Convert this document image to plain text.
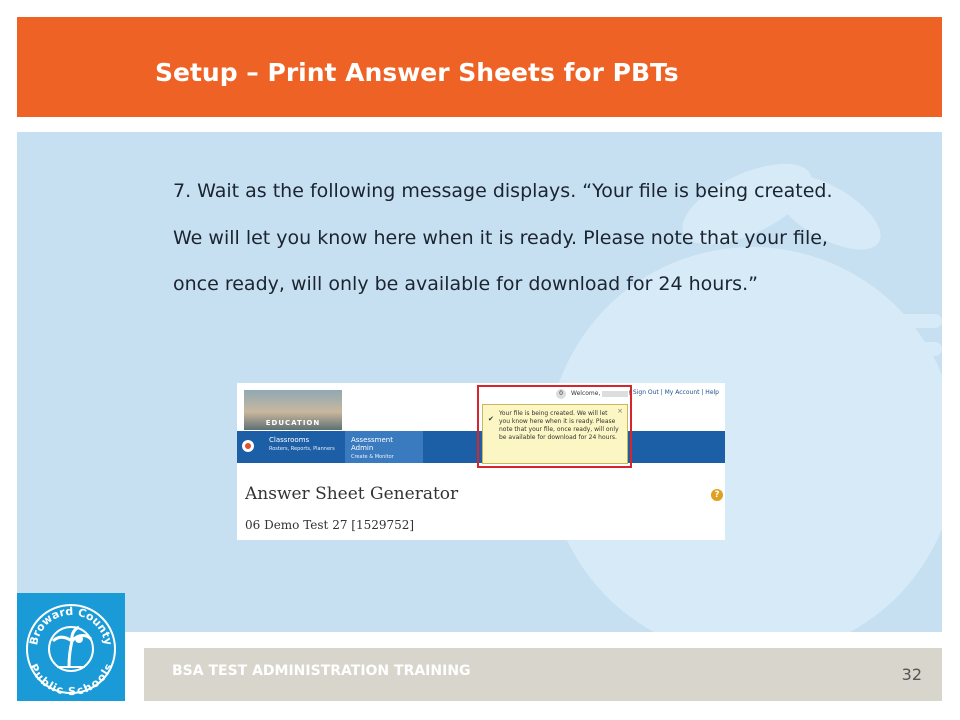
Setup – Print Answer Sheets for PBTs

7. Wait as the following message displays. “Your file is being created. We will let you know here when it is ready. Please note that your file, once ready, will only be available for download for 24 hours.”

EDUCATION
0	Welcome,	! Sign Out | My Account | Help
Classrooms
Rosters, Reports, Planners
Assessment Admin
Create & Monitor
✔
×
Your file is being created. We will let you know here when it is ready. Please note that your file, once ready, will only be available for download for 24 hours.
Answer Sheet Generator	?
06 Demo Test 27 [1529752]
Broward County
Public Schools	BSA TEST ADMINISTRATION TRAINING	32
